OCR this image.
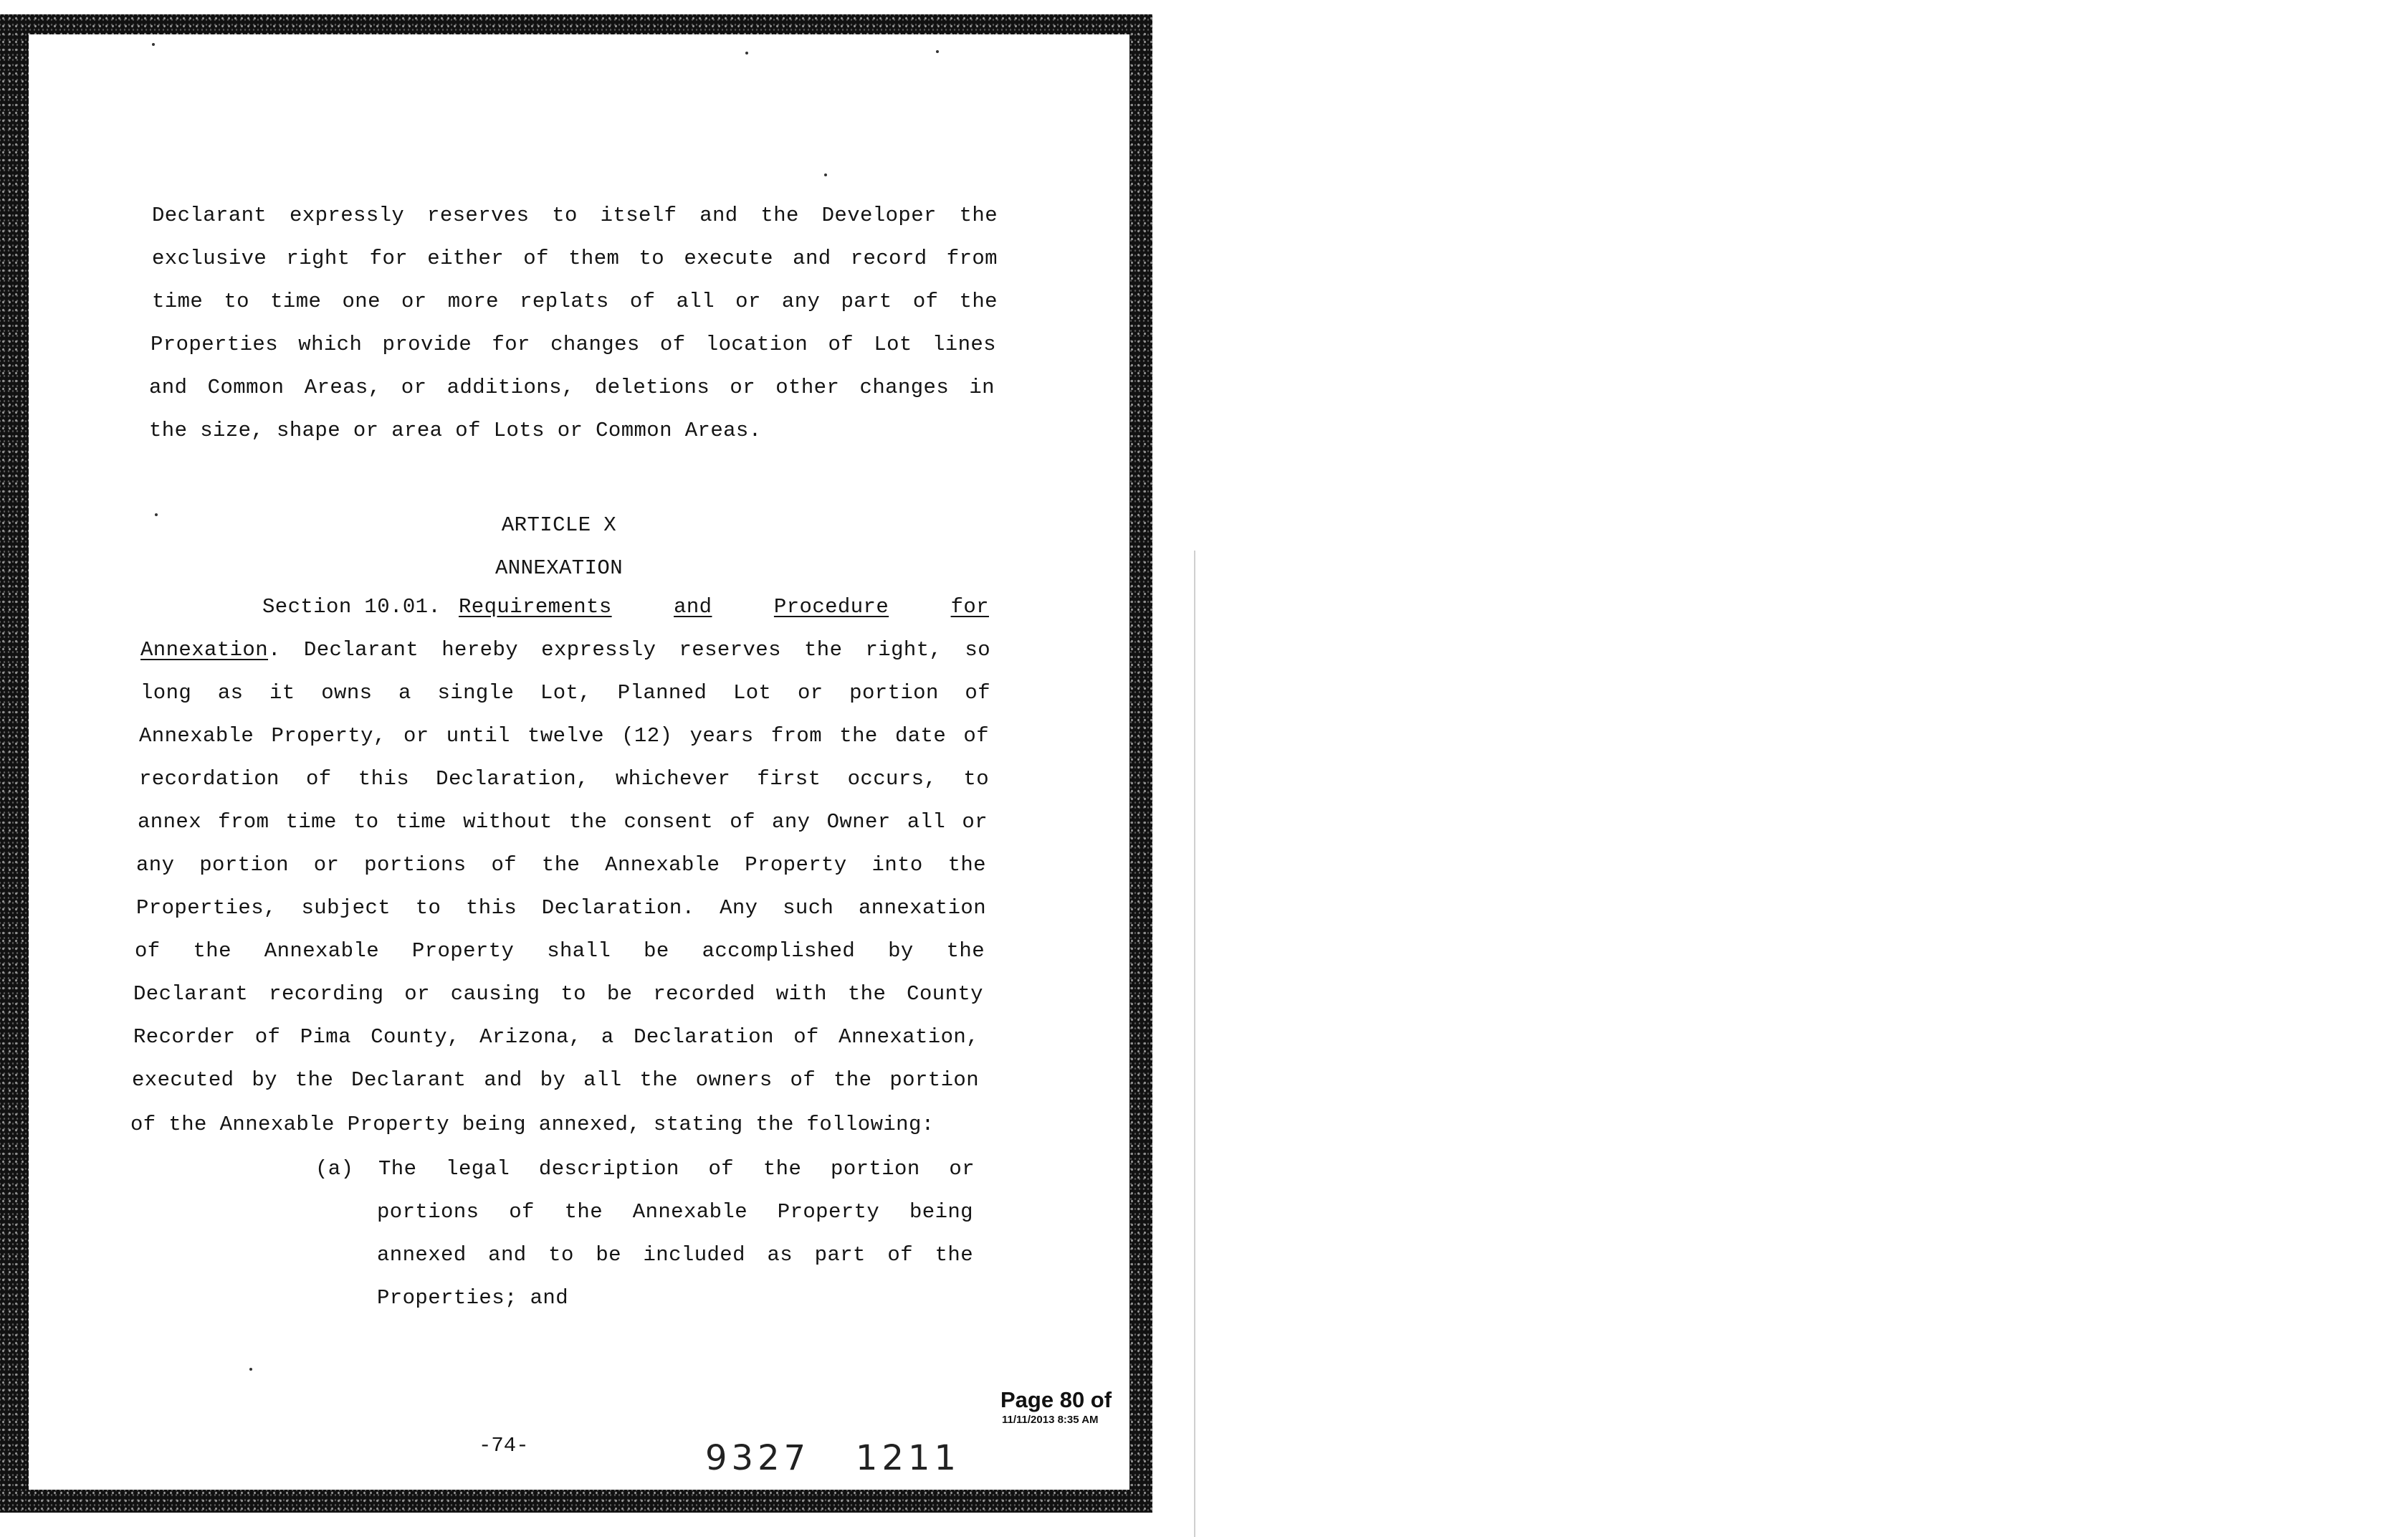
Declarant expressly reserves to itself and the Developer the
exclusive right for either of them to execute and record from
time to time one or more replats of all or any part of the
Properties which provide for changes of location of Lot lines
and Common Areas, or additions, deletions or other changes in
the size, shape or area of Lots or Common Areas.
ARTICLE X
ANNEXATION
Section 10.01. Requirements	and	Procedure	for
Annexation. Declarant hereby expressly reserves the right, so
long as it owns a single Lot, Planned Lot or portion of
Annexable Property, or until twelve (12) years from the date of
recordation of this Declaration, whichever first occurs, to
annex from time to time without the consent of any Owner all or
any portion or portions of the Annexable Property into the
Properties, subject to this Declaration. Any such annexation
of the Annexable Property shall be accomplished by the
Declarant recording or causing to be recorded with the County
Recorder of Pima County, Arizona, a Declaration of Annexation,
executed by the Declarant and by all the owners of the portion
of the Annexable Property being annexed, stating the following:
(a) The legal description of the portion or
portions of the Annexable Property being
annexed and to be included as part of the
Properties; and
-74-	9327   1211
Page 80 of
11/11/2013 8:35 AM
